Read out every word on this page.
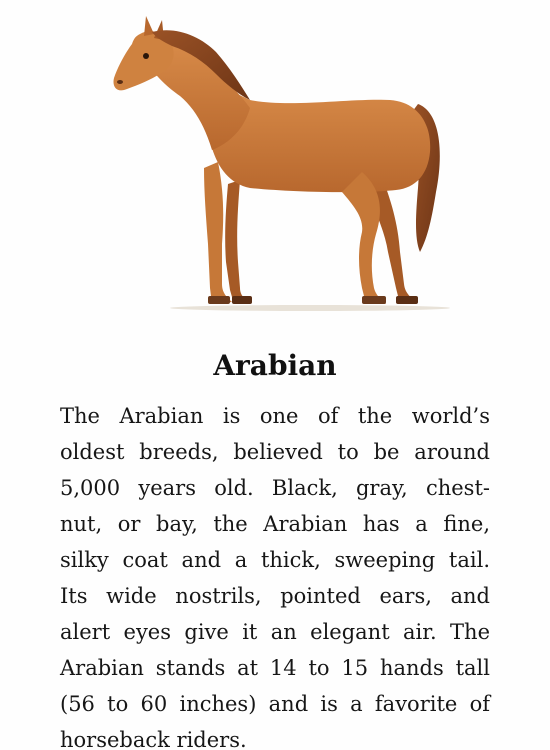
Arabian
The Arabian is one of the world’s
oldest breeds, believed to be around
5,000 years old. Black, gray, chest-
nut, or bay, the Arabian has a fine,
silky coat and a thick, sweeping tail.
Its wide nostrils, pointed ears, and
alert eyes give it an elegant air. The
Arabian stands at 14 to 15 hands tall
(56 to 60 inches) and is a favorite of
horseback riders.
